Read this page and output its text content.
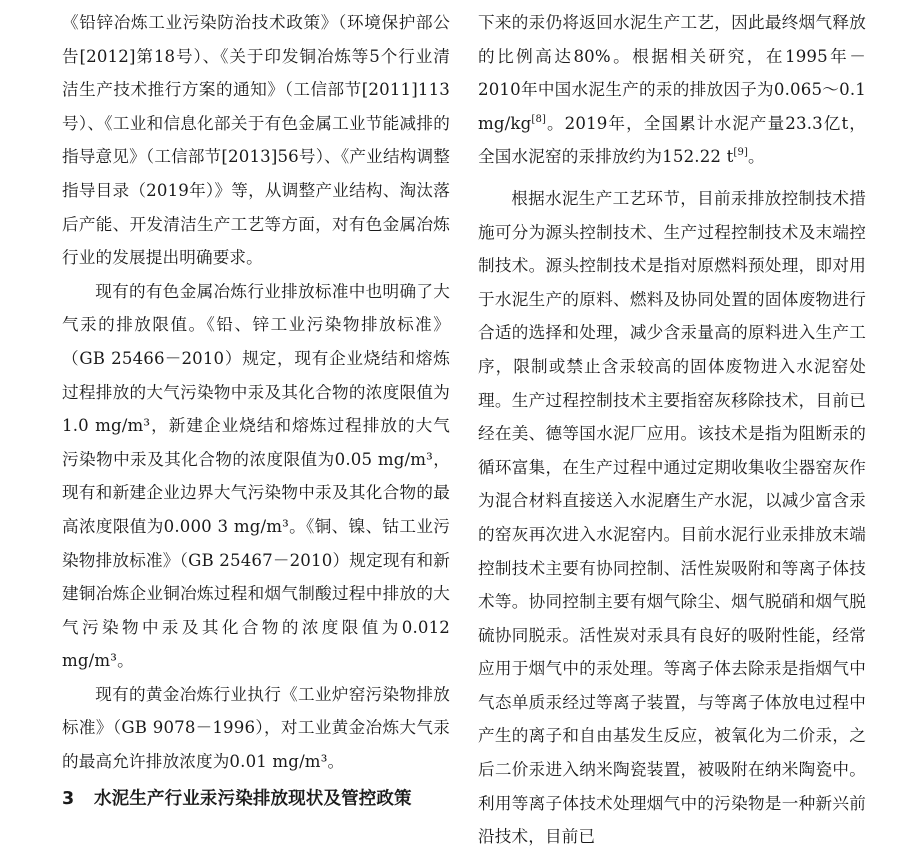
《铅锌冶炼工业污染防治技术政策》（环境保护部公告[2012]第18号）、《关于印发铜冶炼等5个行业清洁生产技术推行方案的通知》（工信部节[2011]113号）、《工业和信息化部关于有色金属工业节能减排的指导意见》（工信部节[2013]56号）、《产业结构调整指导目录（2019年）》等，从调整产业结构、淘汰落后产能、开发清洁生产工艺等方面，对有色金属冶炼行业的发展提出明确要求。

现有的有色金属冶炼行业排放标准中也明确了大气汞的排放限值。《铅、锌工业污染物排放标准》（GB 25466－2010）规定，现有企业烧结和熔炼过程排放的大气污染物中汞及其化合物的浓度限值为1.0 mg/m³，新建企业烧结和熔炼过程排放的大气污染物中汞及其化合物的浓度限值为0.05 mg/m³，现有和新建企业边界大气污染物中汞及其化合物的最高浓度限值为0.000 3 mg/m³。《铜、镍、钴工业污染物排放标准》（GB 25467－2010）规定现有和新建铜冶炼企业铜冶炼过程和烟气制酸过程中排放的大气污染物中汞及其化合物的浓度限值为0.012 mg/m³。

现有的黄金冶炼行业执行《工业炉窑污染物排放标准》（GB 9078－1996），对工业黄金冶炼大气汞的最高允许排放浓度为0.01 mg/m³。

3	水泥生产行业汞污染排放现状及管控政策

下来的汞仍将返回水泥生产工艺，因此最终烟气释放的比例高达80%。根据相关研究，在1995年－2010年中国水泥生产的汞的排放因子为0.065～0.1 mg/kg[8]。2019年，全国累计水泥产量23.3亿t，全国水泥窑的汞排放约为152.22 t[9]。

根据水泥生产工艺环节，目前汞排放控制技术措施可分为源头控制技术、生产过程控制技术及末端控制技术。源头控制技术是指对原燃料预处理，即对用于水泥生产的原料、燃料及协同处置的固体废物进行合适的选择和处理，减少含汞量高的原料进入生产工序，限制或禁止含汞较高的固体废物进入水泥窑处理。生产过程控制技术主要指窑灰移除技术，目前已经在美、德等国水泥厂应用。该技术是指为阻断汞的循环富集，在生产过程中通过定期收集收尘器窑灰作为混合材料直接送入水泥磨生产水泥，以减少富含汞的窑灰再次进入水泥窑内。目前水泥行业汞排放末端控制技术主要有协同控制、活性炭吸附和等离子体技术等。协同控制主要有烟气除尘、烟气脱硝和烟气脱硫协同脱汞。活性炭对汞具有良好的吸附性能，经常应用于烟气中的汞处理。等离子体去除汞是指烟气中气态单质汞经过等离子装置，与等离子体放电过程中产生的离子和自由基发生反应，被氧化为二价汞，之后二价汞进入纳米陶瓷装置，被吸附在纳米陶瓷中。利用等离子体技术处理烟气中的污染物是一种新兴前沿技术，目前已
